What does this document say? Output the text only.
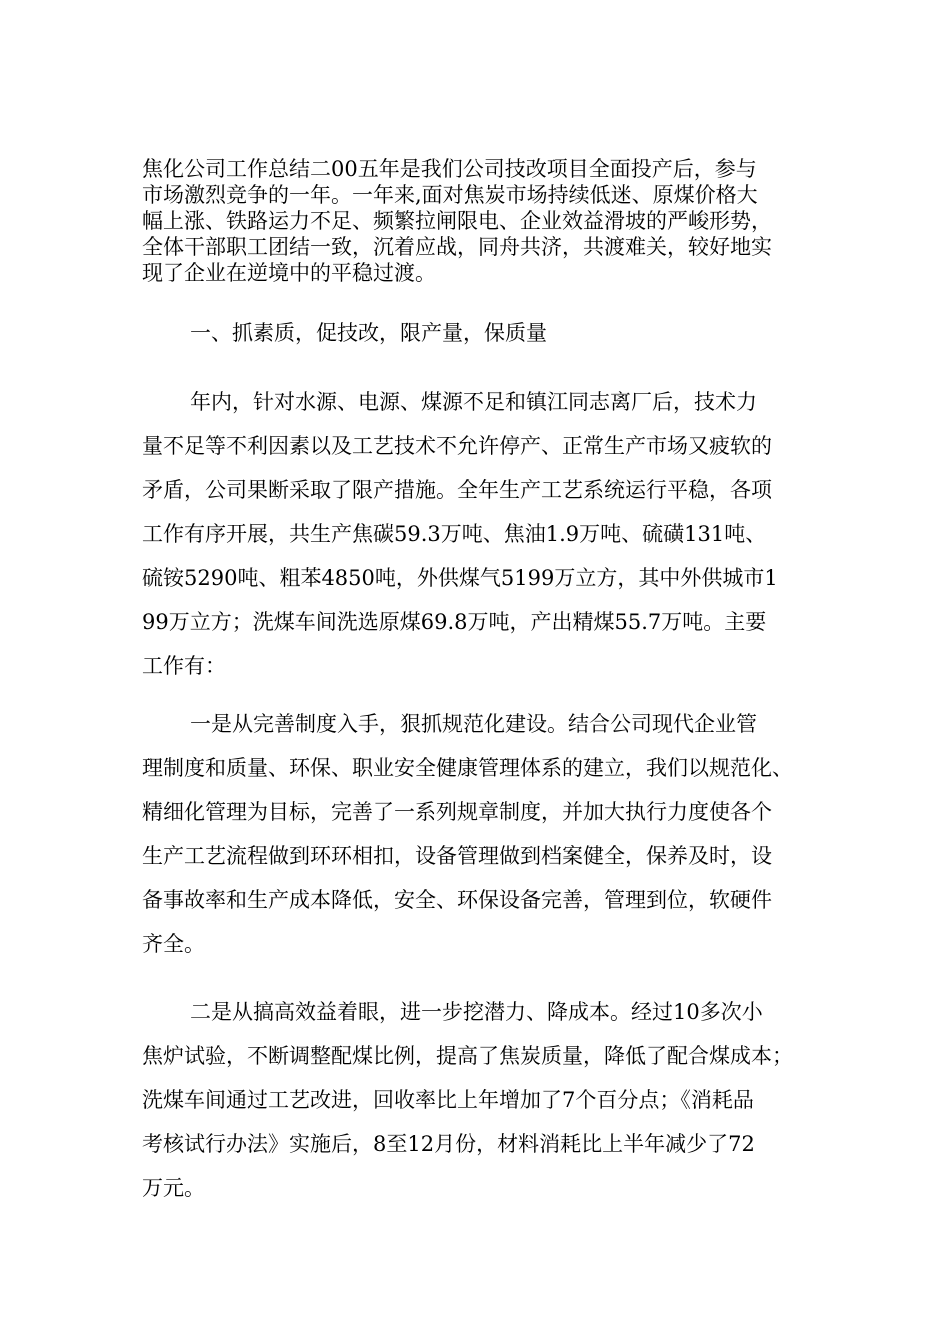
焦化公司工作总结二00五年是我们公司技改项目全面投产后，参与
市场激烈竞争的一年。一年来,面对焦炭市场持续低迷、原煤价格大
幅上涨、铁路运力不足、频繁拉闸限电、企业效益滑坡的严峻形势，
全体干部职工团结一致，沉着应战，同舟共济，共渡难关，较好地实
现了企业在逆境中的平稳过渡。
一、抓素质，促技改，限产量，保质量
年内，针对水源、电源、煤源不足和镇江同志离厂后，技术力
量不足等不利因素以及工艺技术不允许停产、正常生产市场又疲软的
矛盾，公司果断采取了限产措施。全年生产工艺系统运行平稳，各项
工作有序开展，共生产焦碳59.3万吨、焦油1.9万吨、硫磺131吨、
硫铵5290吨、粗苯4850吨，外供煤气5199万立方，其中外供城市1
99万立方；洗煤车间洗选原煤69.8万吨，产出精煤55.7万吨。主要
工作有：
一是从完善制度入手，狠抓规范化建设。结合公司现代企业管
理制度和质量、环保、职业安全健康管理体系的建立，我们以规范化、
精细化管理为目标，完善了一系列规章制度，并加大执行力度使各个
生产工艺流程做到环环相扣，设备管理做到档案健全，保养及时，设
备事故率和生产成本降低，安全、环保设备完善，管理到位，软硬件
齐全。
二是从搞高效益着眼，进一步挖潜力、降成本。经过10多次小
焦炉试验，不断调整配煤比例，提高了焦炭质量，降低了配合煤成本；
洗煤车间通过工艺改进，回收率比上年增加了7个百分点；《消耗品
考核试行办法》实施后，8至12月份，材料消耗比上半年减少了72
万元。
